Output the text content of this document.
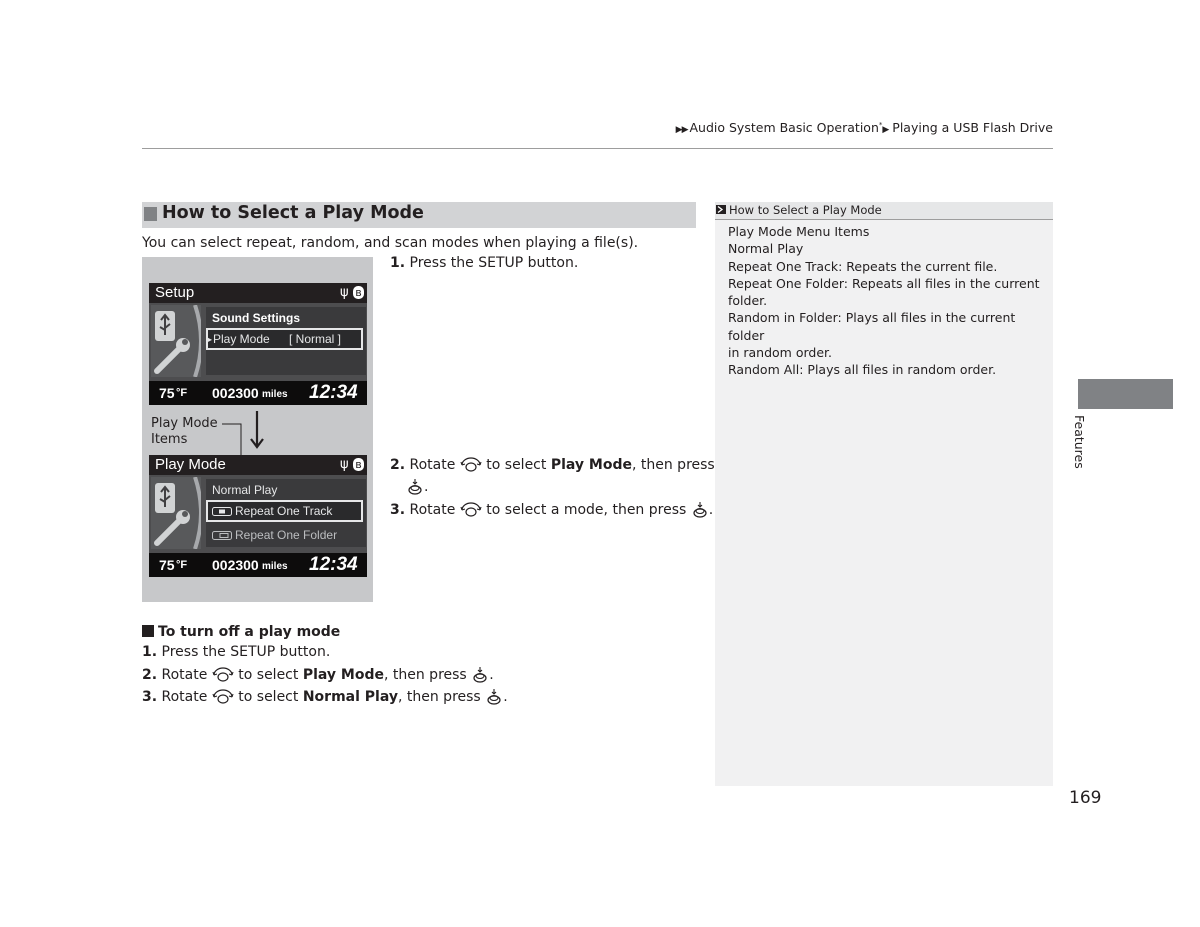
▶▶ Audio System Basic Operation*▶ Playing a USB Flash Drive
How to Select a Play Mode
You can select repeat, random, and scan modes when playing a file(s).
1. Press the SETUP button.
2. Rotate to select Play Mode, then press
.
3. Rotate to select a mode, then press .
Setup	ψ ʙ
Sound Settings
▸ Play Mode [ Normal ]
75 °F 002300 miles 12:34
Play Mode
Items
Play Mode	ψ ʙ
Normal Play
Repeat One Track
Repeat One Folder
75 °F 002300 miles 12:34
To turn off a play mode
1. Press the SETUP button.
2. Rotate to select Play Mode, then press .
3. Rotate to select Normal Play, then press .
How to Select a Play Mode
Play Mode Menu Items
Normal Play
Repeat One Track: Repeats the current file.
Repeat One Folder: Repeats all files in the current
folder.
Random in Folder: Plays all files in the current folder
in random order.
Random All: Plays all files in random order.
Features
169
